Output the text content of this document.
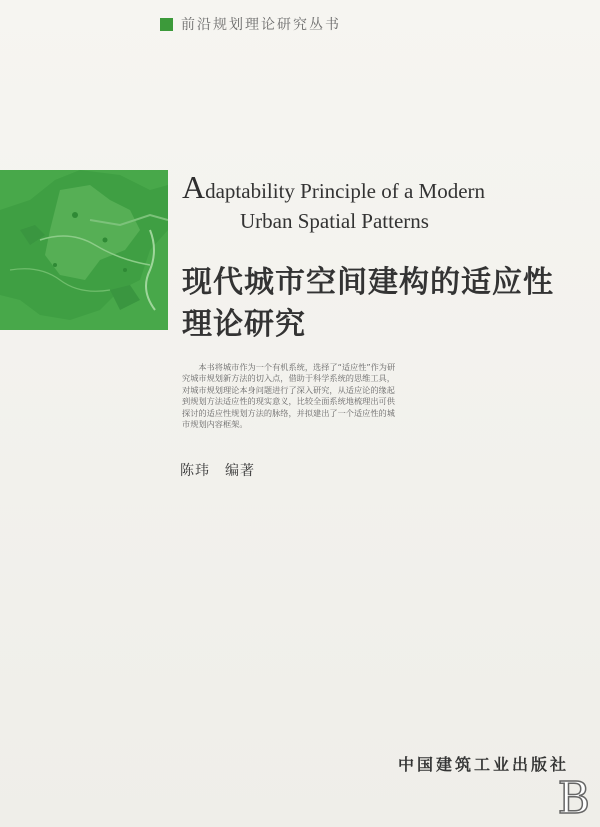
前沿规划理论研究丛书
Adaptability Principle of a Modern
Urban Spatial Patterns
现代城市空间建构的适应性
理论研究
本书将城市作为一个有机系统，选择了“适应性”作为研究城市规划新方法的切入点，借助于科学系统的思维工具，对城市规划理论本身问题进行了深入研究，从适应论的缘起到规划方法适应性的现实意义，比较全面系统地梳理出可供探讨的适应性规划方法的脉络，并拟建出了一个适应性的城市规划内容框架。
陈玮　编著
中国建筑工业出版社
B
